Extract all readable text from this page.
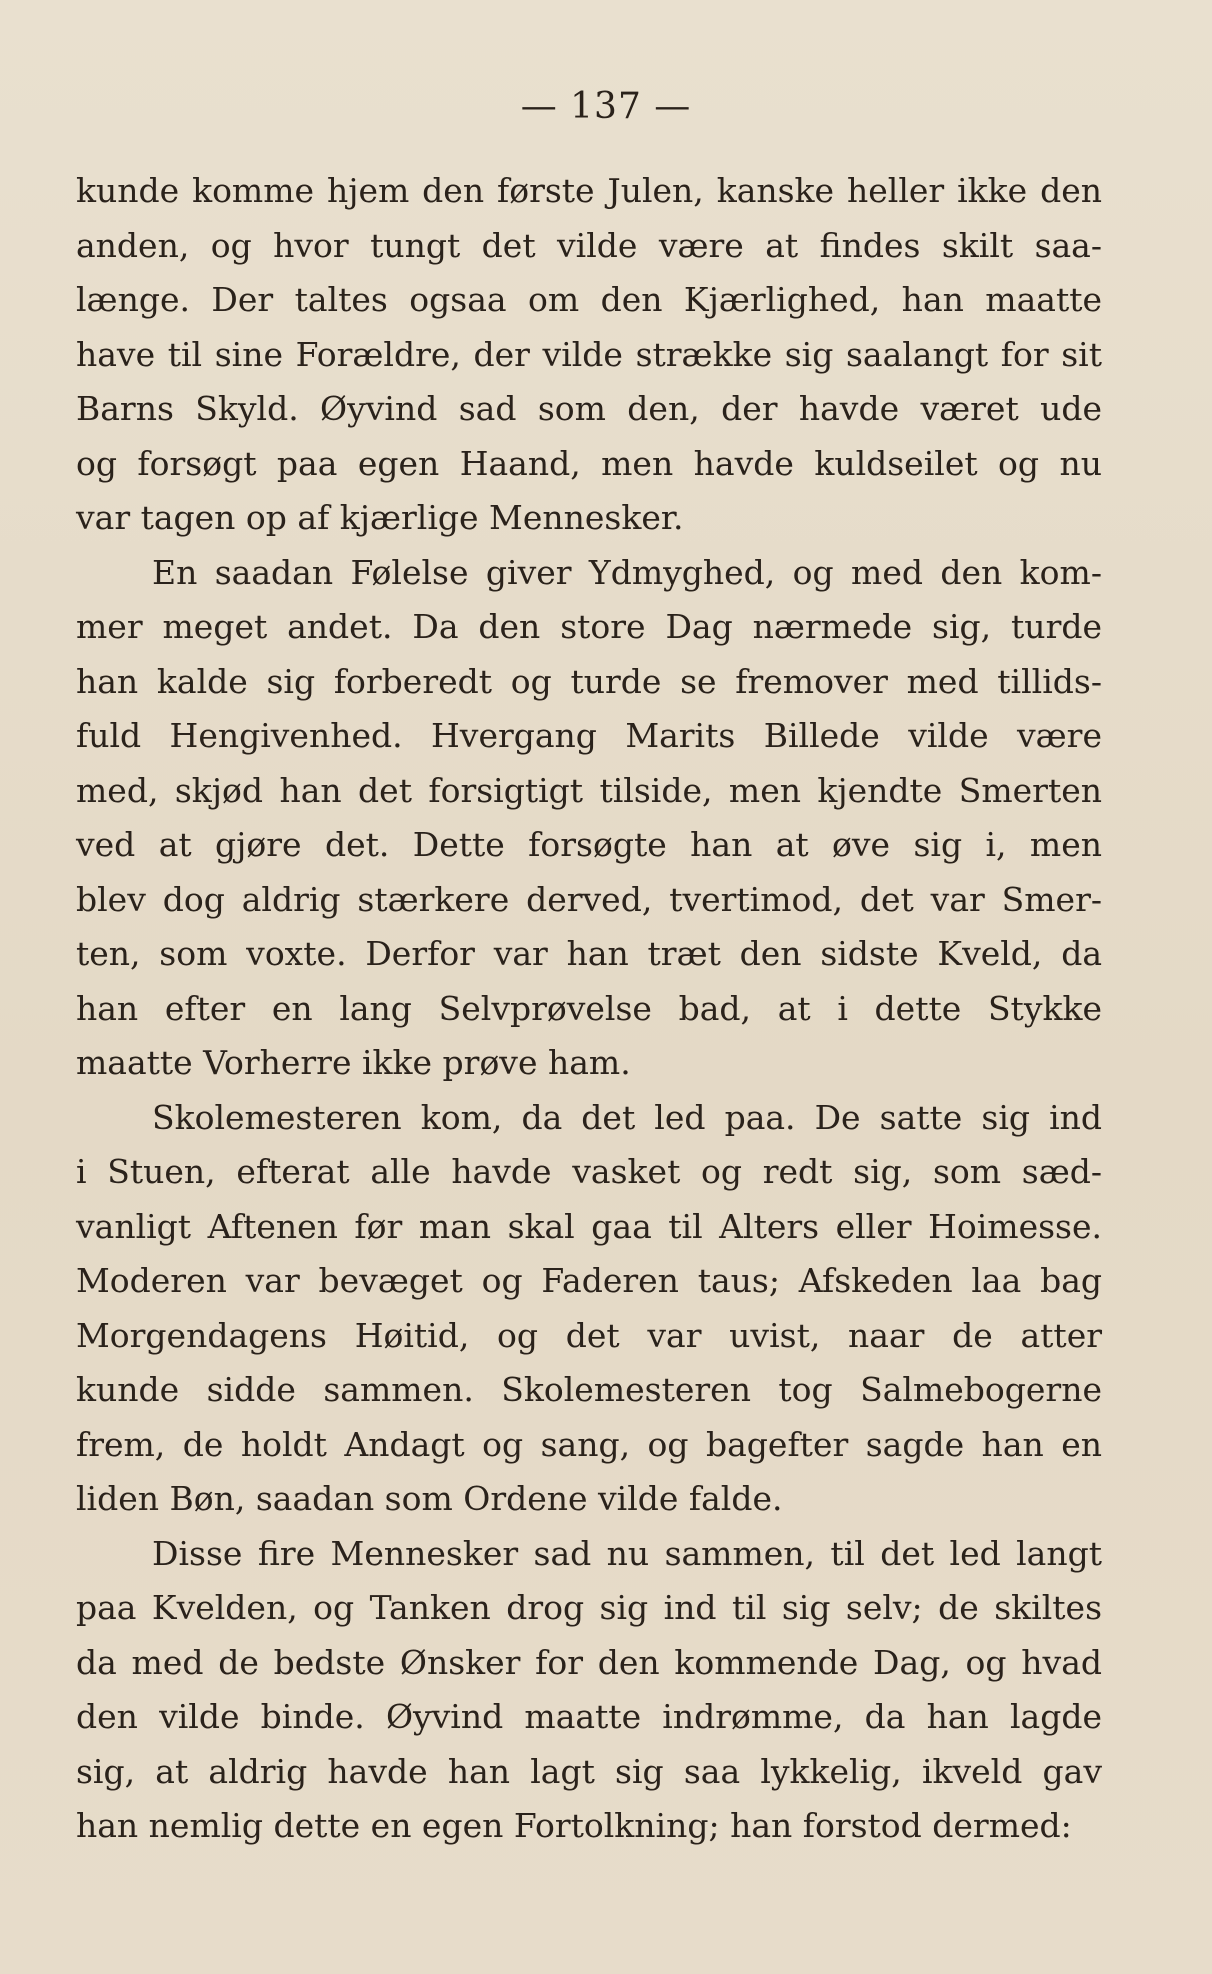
— 137 —
kunde komme hjem den første Julen, kanske heller ikke den
anden, og hvor tungt det vilde være at findes skilt saa-
længe. Der taltes ogsaa om den Kjærlighed, han maatte
have til sine Forældre, der vilde strække sig saalangt for sit
Barns Skyld. Øyvind sad som den, der havde været ude
og forsøgt paa egen Haand, men havde kuldseilet og nu
var tagen op af kjærlige Mennesker.
En saadan Følelse giver Ydmyghed, og med den kom-
mer meget andet. Da den store Dag nærmede sig, turde
han kalde sig forberedt og turde se fremover med tillids-
fuld Hengivenhed. Hvergang Marits Billede vilde være
med, skjød han det forsigtigt tilside, men kjendte Smerten
ved at gjøre det. Dette forsøgte han at øve sig i, men
blev dog aldrig stærkere derved, tvertimod, det var Smer-
ten, som voxte. Derfor var han træt den sidste Kveld, da
han efter en lang Selvprøvelse bad, at i dette Stykke
maatte Vorherre ikke prøve ham.
Skolemesteren kom, da det led paa. De satte sig ind
i Stuen, efterat alle havde vasket og redt sig, som sæd-
vanligt Aftenen før man skal gaa til Alters eller Hoimesse.
Moderen var bevæget og Faderen taus; Afskeden laa bag
Morgendagens Høitid, og det var uvist, naar de atter
kunde sidde sammen. Skolemesteren tog Salmebogerne
frem, de holdt Andagt og sang, og bagefter sagde han en
liden Bøn, saadan som Ordene vilde falde.
Disse fire Mennesker sad nu sammen, til det led langt
paa Kvelden, og Tanken drog sig ind til sig selv; de skiltes
da med de bedste Ønsker for den kommende Dag, og hvad
den vilde binde. Øyvind maatte indrømme, da han lagde
sig, at aldrig havde han lagt sig saa lykkelig, ikveld gav
han nemlig dette en egen Fortolkning; han forstod dermed:
